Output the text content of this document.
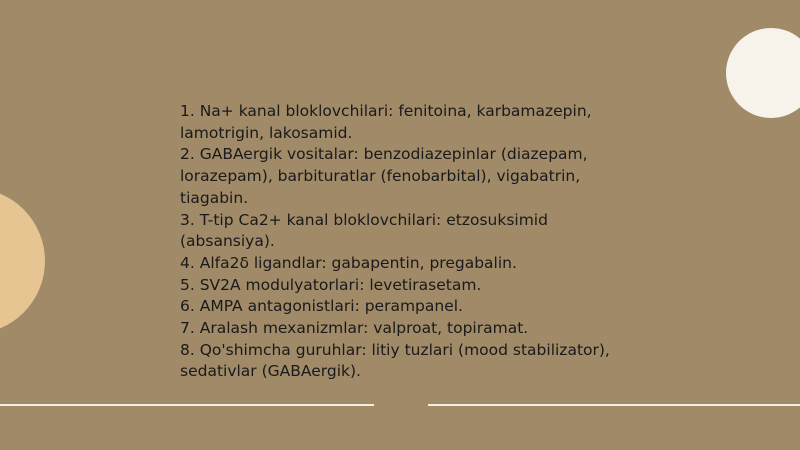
1. Na+ kanal bloklovchilari: fenitoina, karbamazepin, lamotrigin, lakosamid.
2. GABAergik vositalar: benzodiazepinlar (diazepam, lorazepam), barbituratlar (fenobarbital), vigabatrin, tiagabin.
3. T-tip Ca2+ kanal bloklovchilari: etzosuksimid (absansiya).
4. Alfa2δ ligandlar: gabapentin, pregabalin.
5. SV2A modulyatorlari: levetirasetam.
6. AMPA antagonistlari: perampanel.
7. Aralash mexanizmlar: valproat, topiramat.
8. Qo'shimcha guruhlar: litiy tuzlari (mood stabilizator), sedativlar (GABAergik).
